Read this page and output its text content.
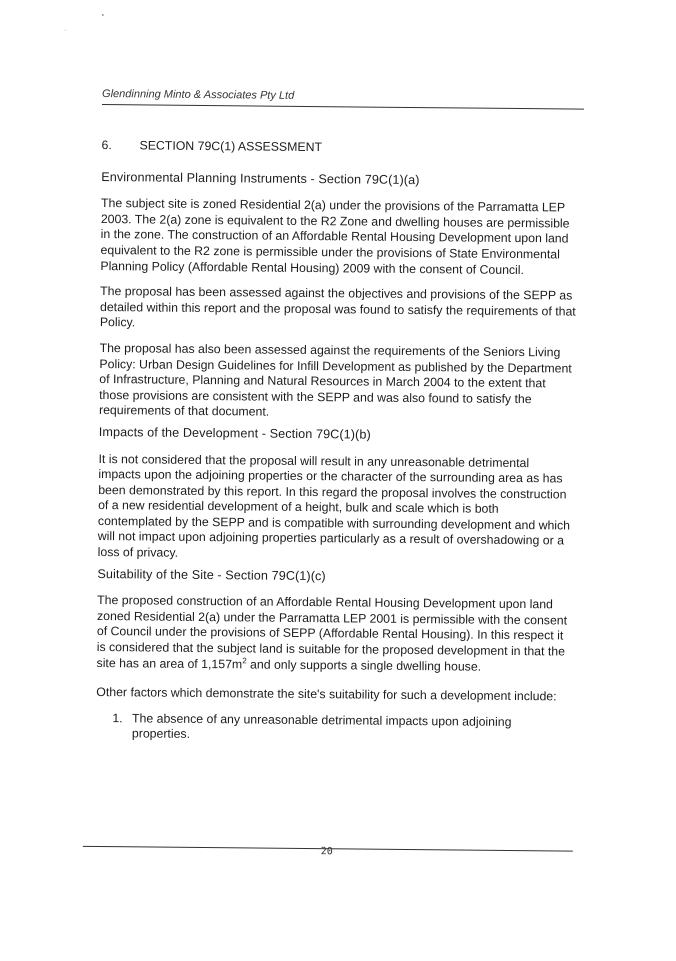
Glendinning Minto & Associates Pty Ltd
6. SECTION 79C(1) ASSESSMENT
Environmental Planning Instruments - Section 79C(1)(a)

The subject site is zoned Residential 2(a) under the provisions of the Parramatta LEP 2003. The 2(a) zone is equivalent to the R2 Zone and dwelling houses are permissible in the zone. The construction of an Affordable Rental Housing Development upon land equivalent to the R2 zone is permissible under the provisions of State Environmental Planning Policy (Affordable Rental Housing) 2009 with the consent of Council.

The proposal has been assessed against the objectives and provisions of the SEPP as detailed within this report and the proposal was found to satisfy the requirements of that Policy.

The proposal has also been assessed against the requirements of the Seniors Living Policy: Urban Design Guidelines for Infill Development as published by the Department of Infrastructure, Planning and Natural Resources in March 2004 to the extent that those provisions are consistent with the SEPP and was also found to satisfy the requirements of that document.

Impacts of the Development - Section 79C(1)(b)

It is not considered that the proposal will result in any unreasonable detrimental impacts upon the adjoining properties or the character of the surrounding area as has been demonstrated by this report. In this regard the proposal involves the construction of a new residential development of a height, bulk and scale which is both contemplated by the SEPP and is compatible with surrounding development and which will not impact upon adjoining properties particularly as a result of overshadowing or a loss of privacy.

Suitability of the Site - Section 79C(1)(c)

The proposed construction of an Affordable Rental Housing Development upon land zoned Residential 2(a) under the Parramatta LEP 2001 is permissible with the consent of Council under the provisions of SEPP (Affordable Rental Housing). In this respect it is considered that the subject land is suitable for the proposed development in that the site has an area of $1,157m^2$ and only supports a single dwelling house.

Other factors which demonstrate the site's suitability for such a development include:

1. The absence of any unreasonable detrimental impacts upon adjoining properties.
20
